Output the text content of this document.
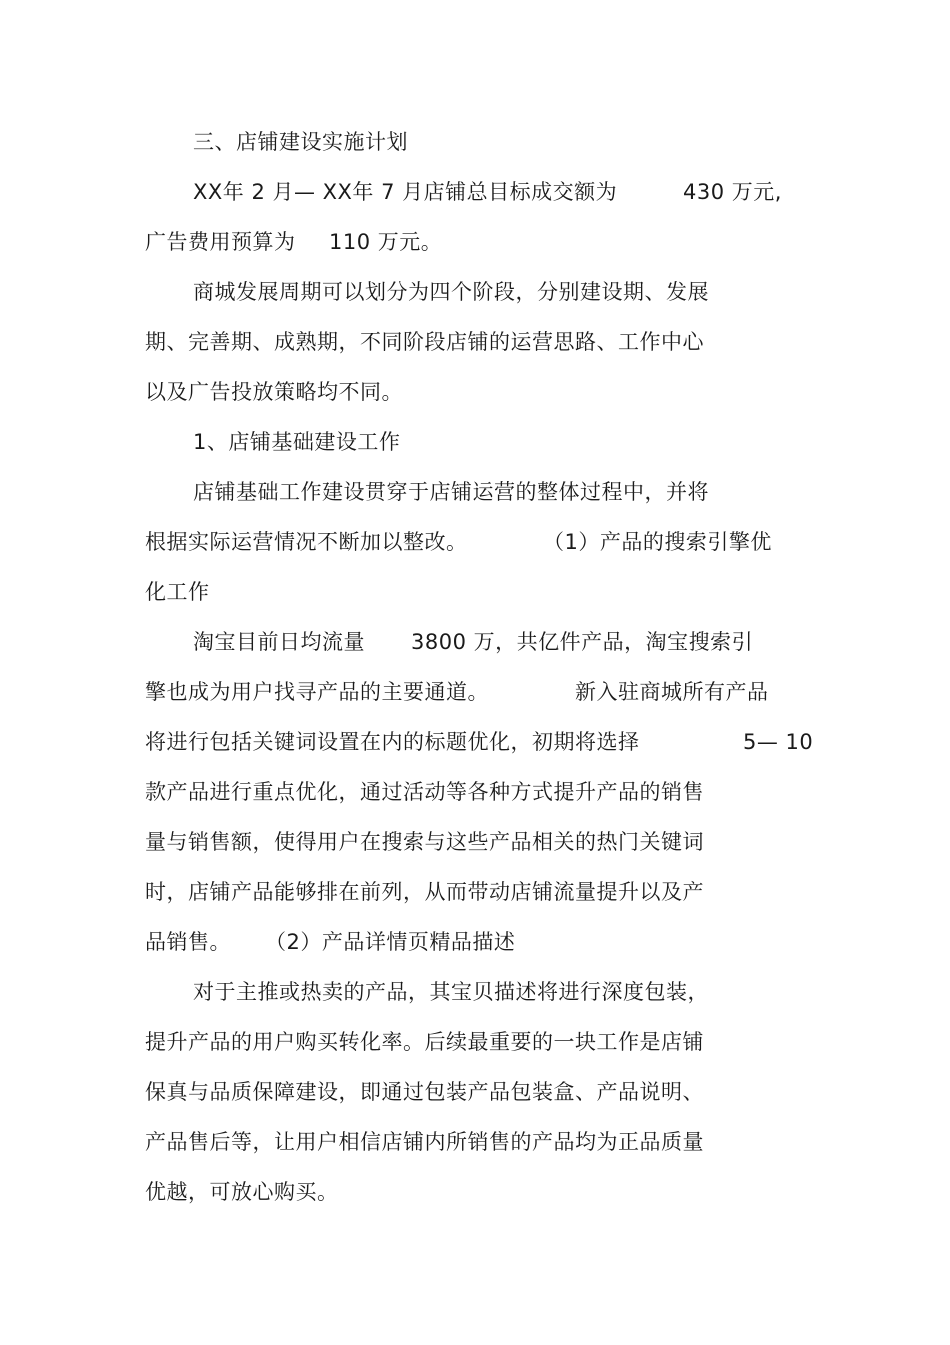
三、店铺建设实施计划
XX年 2 月— XX年 7 月店铺总目标成交额为	430 万元,
广告费用预算为 110 万元。
商城发展周期可以划分为四个阶段，分别建设期、发展
期、完善期、成熟期，不同阶段店铺的运营思路、工作中心
以及广告投放策略均不同。
1、店铺基础建设工作
店铺基础工作建设贯穿于店铺运营的整体过程中，并将
根据实际运营情况不断加以整改。	（1）产品的搜索引擎优
化工作
淘宝目前日均流量 3800 万，共亿件产品，淘宝搜索引
擎也成为用户找寻产品的主要通道。	新入驻商城所有产品
将进行包括关键词设置在内的标题优化，初期将选择	5— 10
款产品进行重点优化，通过活动等各种方式提升产品的销售
量与销售额，使得用户在搜索与这些产品相关的热门关键词
时，店铺产品能够排在前列，从而带动店铺流量提升以及产
品销售。 （2）产品详情页精品描述
对于主推或热卖的产品，其宝贝描述将进行深度包装，
提升产品的用户购买转化率。后续最重要的一块工作是店铺
保真与品质保障建设，即通过包装产品包装盒、产品说明、
产品售后等，让用户相信店铺内所销售的产品均为正品质量
优越，可放心购买。
